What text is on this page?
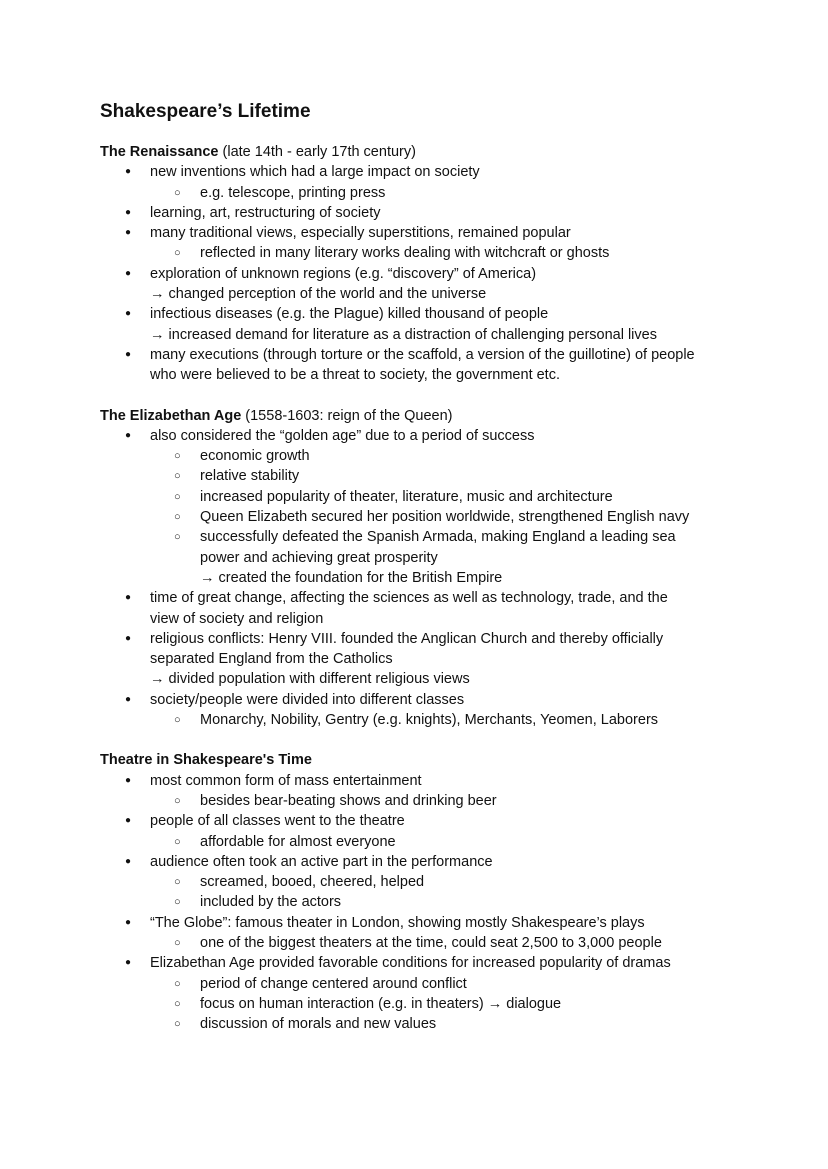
Shakespeare’s Lifetime

The Renaissance (late 14th - early 17th century)

● new inventions which had a large impact on society
○ e.g. telescope, printing press
● learning, art, restructuring of society
● many traditional views, especially superstitions, remained popular
○ reflected in many literary works dealing with witchcraft or ghosts
● exploration of unknown regions (e.g. “discovery” of America)
→ changed perception of the world and the universe
● infectious diseases (e.g. the Plague) killed thousand of people
→ increased demand for literature as a distraction of challenging personal lives
● many executions (through torture or the scaffold, a version of the guillotine) of people
who were believed to be a threat to society, the government etc.

The Elizabethan Age (1558-1603: reign of the Queen)

● also considered the “golden age” due to a period of success
○ economic growth
○ relative stability
○ increased popularity of theater, literature, music and architecture
○ Queen Elizabeth secured her position worldwide, strengthened English navy
○ successfully defeated the Spanish Armada, making England a leading sea
power and achieving great prosperity
→ created the foundation for the British Empire
● time of great change, affecting the sciences as well as technology, trade, and the
view of society and religion
● religious conflicts: Henry VIII. founded the Anglican Church and thereby officially
separated England from the Catholics
→ divided population with different religious views
● society/people were divided into different classes
○ Monarchy, Nobility, Gentry (e.g. knights), Merchants, Yeomen, Laborers

Theatre in Shakespeare's Time

● most common form of mass entertainment
○ besides bear-beating shows and drinking beer
● people of all classes went to the theatre
○ affordable for almost everyone
● audience often took an active part in the performance
○ screamed, booed, cheered, helped
○ included by the actors
● “The Globe”: famous theater in London, showing mostly Shakespeare’s plays
○ one of the biggest theaters at the time, could seat 2,500 to 3,000 people
● Elizabethan Age provided favorable conditions for increased popularity of dramas
○ period of change centered around conflict
○ focus on human interaction (e.g. in theaters) → dialogue
○ discussion of morals and new values
